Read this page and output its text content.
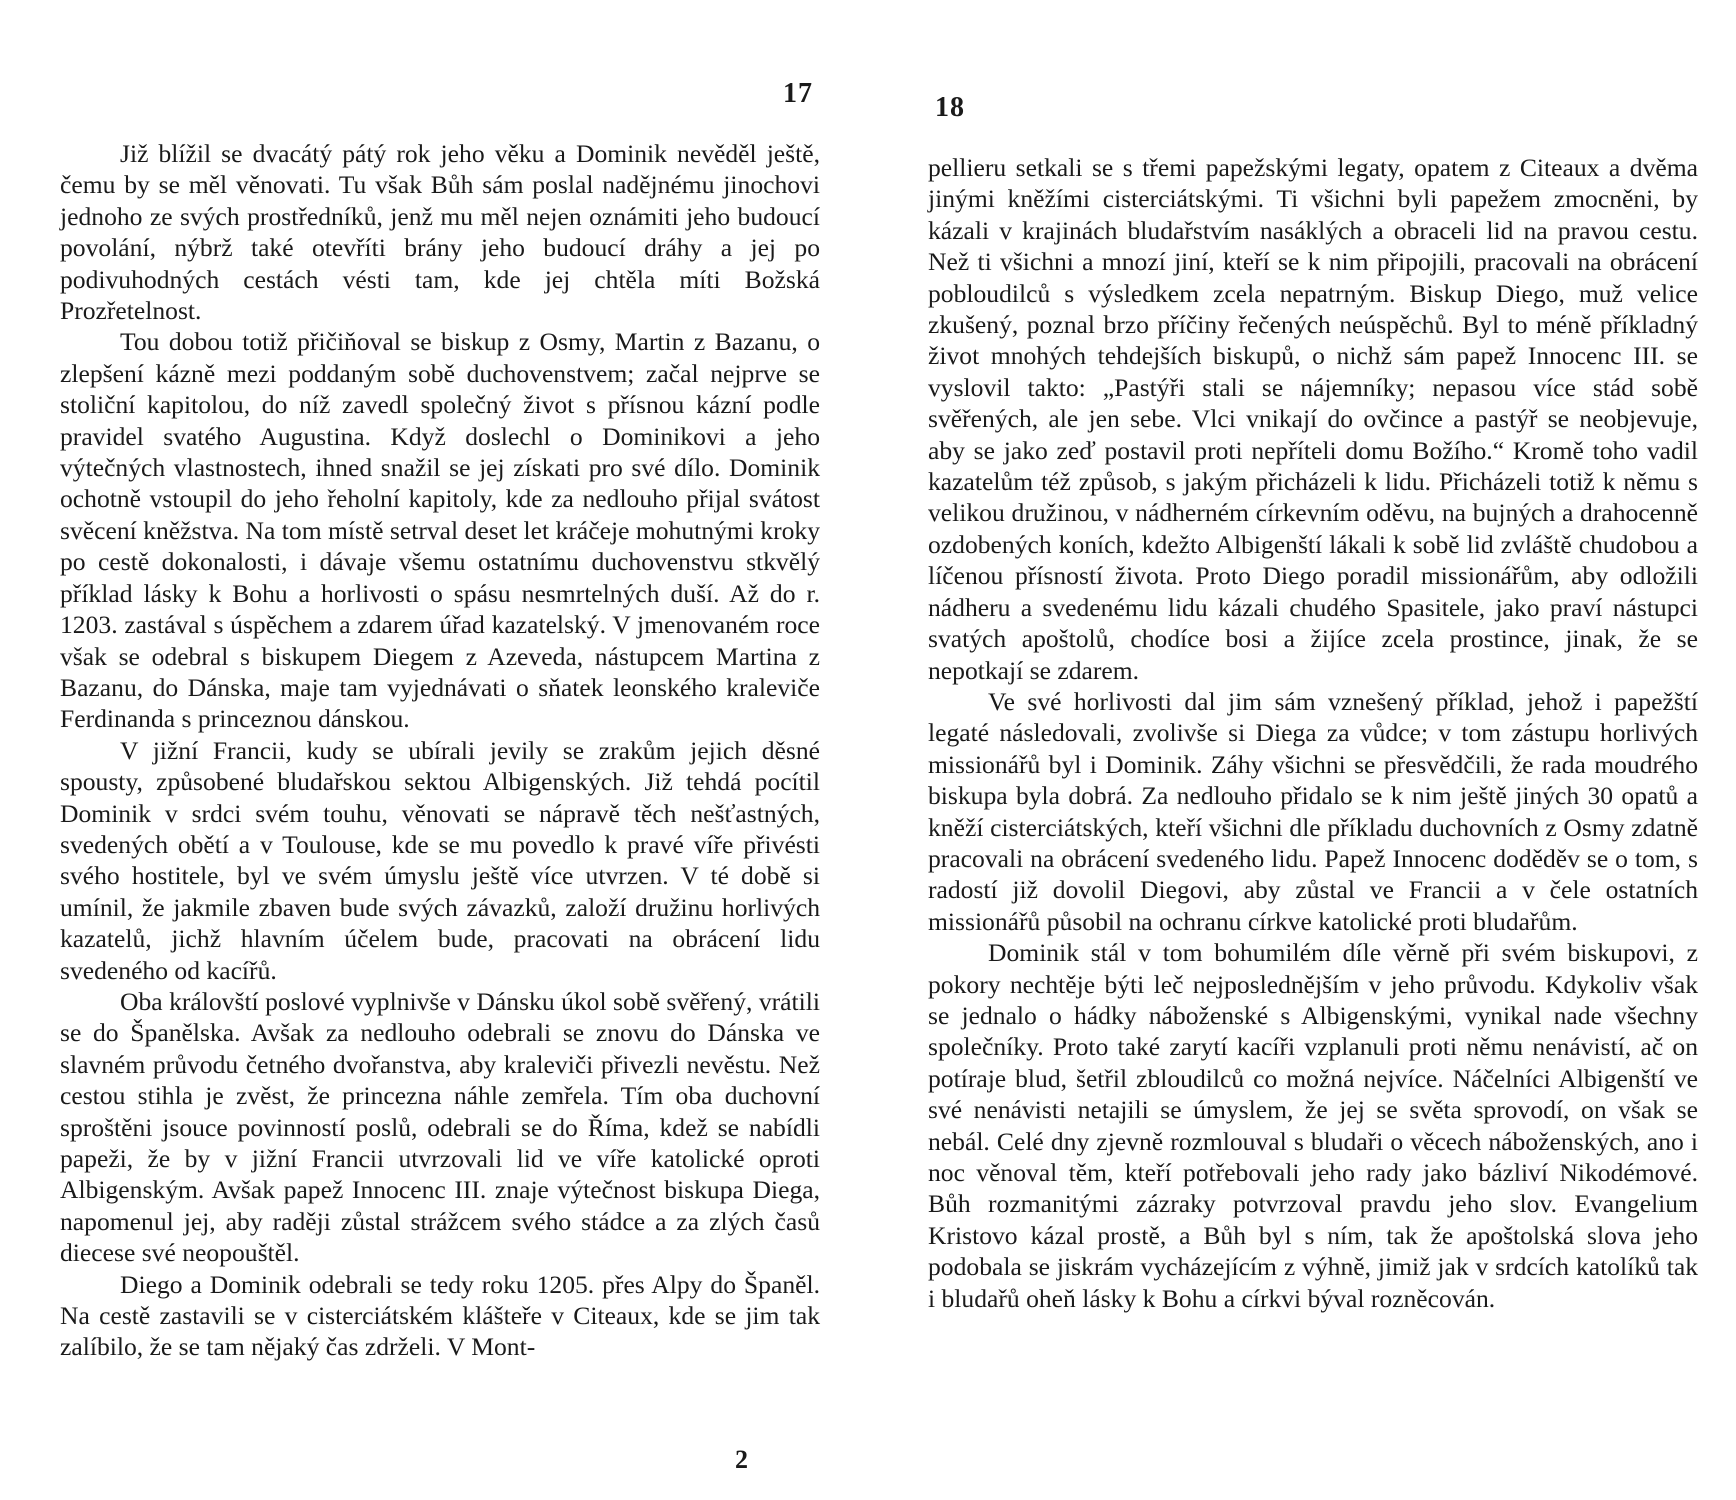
17

Již blížil se dvacátý pátý rok jeho věku a Dominik nevěděl ještě, čemu by se měl věnovati. Tu však Bůh sám poslal nadějnému jinochovi jednoho ze svých prostředníků, jenž mu měl nejen oznámiti jeho budoucí povolání, nýbrž také otevříti brány jeho budoucí dráhy a jej po podivuhodných cestách vésti tam, kde jej chtěla míti Božská Prozřetelnost.

Tou dobou totiž přičiňoval se biskup z Osmy, Martin z Bazanu, o zlepšení kázně mezi poddaným sobě duchovenstvem; začal nejprve se stoliční kapitolou, do níž zavedl společný život s přísnou kázní podle pravidel svatého Augustina. Když doslechl o Dominikovi a jeho výtečných vlastnostech, ihned snažil se jej získati pro své dílo. Dominik ochotně vstoupil do jeho řeholní kapitoly, kde za nedlouho přijal svátost svěcení kněžstva. Na tom místě setrval deset let kráčeje mohutnými kroky po cestě dokonalosti, i dávaje všemu ostatnímu duchovenstvu stkvělý příklad lásky k Bohu a horlivosti o spásu nesmrtelných duší. Až do r. 1203. zastával s úspěchem a zdarem úřad kazatelský. V jmenovaném roce však se odebral s biskupem Diegem z Azeveda, nástupcem Martina z Bazanu, do Dánska, maje tam vyjednávati o sňatek leonského kraleviče Ferdinanda s princeznou dánskou.

V jižní Francii, kudy se ubírali jevily se zrakům jejich děsné spousty, způsobené bludařskou sektou Albigenských. Již tehdá pocítil Dominik v srdci svém touhu, věnovati se nápravě těch nešťastných, svedených obětí a v Toulouse, kde se mu povedlo k pravé víře přivésti svého hostitele, byl ve svém úmyslu ještě více utvrzen. V té době si umínil, že jakmile zbaven bude svých závazků, založí družinu horlivých kazatelů, jichž hlavním účelem bude, pracovati na obrácení lidu svedeného od kacířů.

Oba královští poslové vyplnivše v Dánsku úkol sobě svěřený, vrátili se do Španělska. Avšak za nedlouho odebrali se znovu do Dánska ve slavném průvodu četného dvořanstva, aby kraleviči přivezli nevěstu. Než cestou stihla je zvěst, že princezna náhle zemřela. Tím oba duchovní sproštěni jsouce povinností poslů, odebrali se do Říma, kdež se nabídli papeži, že by v jižní Francii utvrzovali lid ve víře katolické oproti Albigenským. Avšak papež Innocenc III. znaje výtečnost biskupa Diega, napomenul jej, aby raději zůstal strážcem svého stádce a za zlých časů diecese své neopouštěl.

Diego a Dominik odebrali se tedy roku 1205. přes Alpy do Španěl. Na cestě zastavili se v cisterciátském klášteře v Citeaux, kde se jim tak zalíbilo, že se tam nějaký čas zdrželi. V Mont-

2
18

pellieru setkali se s třemi papežskými legaty, opatem z Citeaux a dvěma jinými kněžími cisterciátskými. Ti všichni byli papežem zmocněni, by kázali v krajinách bludařstvím nasáklých a obraceli lid na pravou cestu. Než ti všichni a mnozí jiní, kteří se k nim připojili, pracovali na obrácení pobloudilců s výsledkem zcela nepatrným. Biskup Diego, muž velice zkušený, poznal brzo příčiny řečených neúspěchů. Byl to méně příkladný život mnohých tehdejších biskupů, o nichž sám papež Innocenc III. se vyslovil takto: „Pastýři stali se nájemníky; nepasou více stád sobě svěřených, ale jen sebe. Vlci vnikají do ovčince a pastýř se neobjevuje, aby se jako zeď postavil proti nepříteli domu Božího.“ Kromě toho vadil kazatelům též způsob, s jakým přicházeli k lidu. Přicházeli totiž k němu s velikou družinou, v nádherném církevním oděvu, na bujných a drahocenně ozdobených koních, kdežto Albigenští lákali k sobě lid zvláště chudobou a líčenou přísností života. Proto Diego poradil missionářům, aby odložili nádheru a svedenému lidu kázali chudého Spasitele, jako praví nástupci svatých apoštolů, chodíce bosi a žijíce zcela prostince, jinak, že se nepotkají se zdarem.

Ve své horlivosti dal jim sám vznešený příklad, jehož i papežští legaté následovali, zvolivše si Diega za vůdce; v tom zástupu horlivých missionářů byl i Dominik. Záhy všichni se přesvědčili, že rada moudrého biskupa byla dobrá. Za nedlouho přidalo se k nim ještě jiných 30 opatů a kněží cisterciátských, kteří všichni dle příkladu duchovních z Osmy zdatně pracovali na obrácení svedeného lidu. Papež Innocenc doděděv se o tom, s radostí již dovolil Diegovi, aby zůstal ve Francii a v čele ostatních missionářů působil na ochranu církve katolické proti bludařům.

Dominik stál v tom bohumilém díle věrně při svém biskupovi, z pokory nechtěje býti leč nejposlednějším v jeho průvodu. Kdykoliv však se jednalo o hádky náboženské s Albigenskými, vynikal nade všechny společníky. Proto také zarytí kacíři vzplanuli proti němu nenávistí, ač on potíraje blud, šetřil zbloudilců co možná nejvíce. Náčelníci Albigenští ve své nenávisti netajili se úmyslem, že jej se světa sprovodí, on však se nebál. Celé dny zjevně rozmlouval s bludaři o věcech náboženských, ano i noc věnoval těm, kteří potřebovali jeho rady jako bázliví Nikodémové. Bůh rozmanitými zázraky potvrzoval pravdu jeho slov. Evangelium Kristovo kázal prostě, a Bůh byl s ním, tak že apoštolská slova jeho podobala se jiskrám vycházejícím z výhně, jimiž jak v srdcích katolíků tak i bludařů oheň lásky k Bohu a církvi býval rozněcován.
